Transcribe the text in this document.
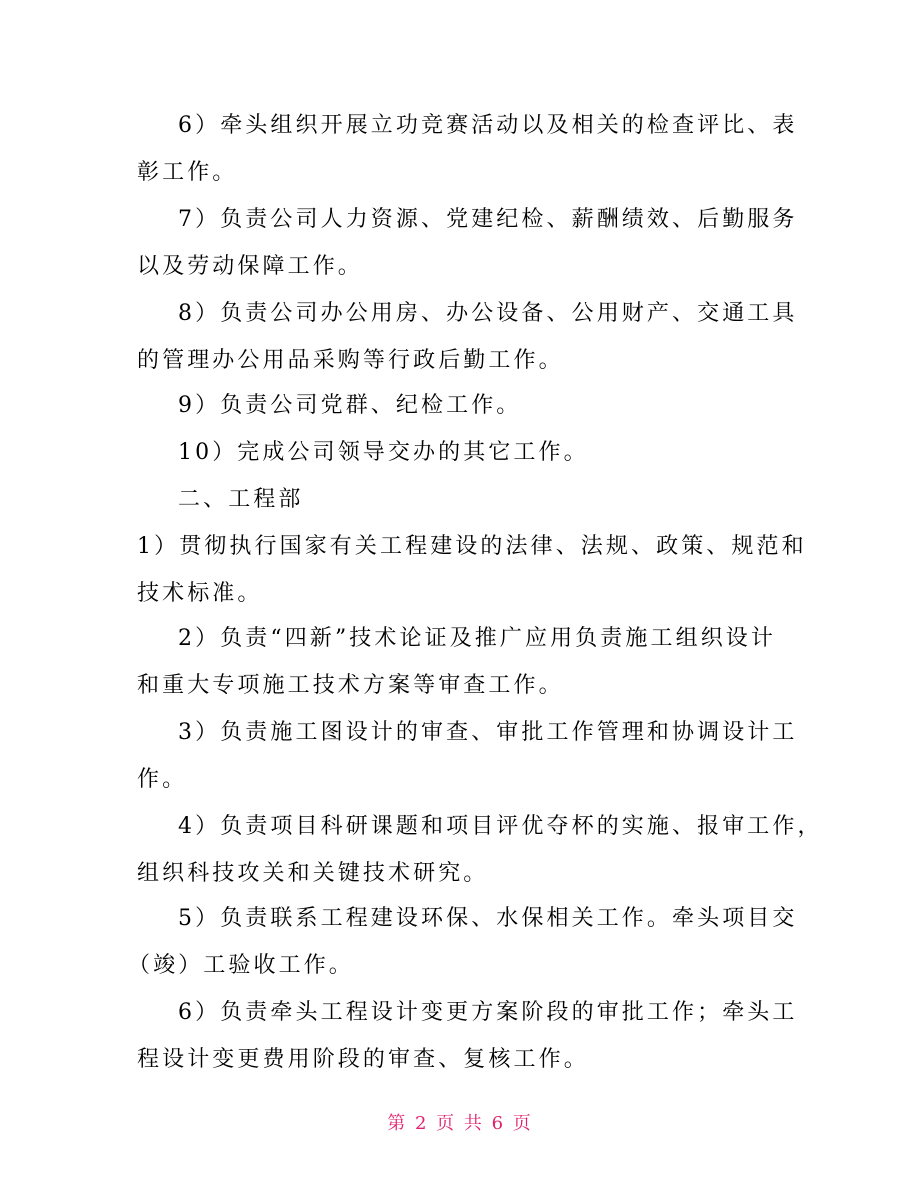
6）牵头组织开展立功竞赛活动以及相关的检查评比、表
彰工作。
7）负责公司人力资源、党建纪检、薪酬绩效、后勤服务
以及劳动保障工作。
8）负责公司办公用房、办公设备、公用财产、交通工具
的管理办公用品采购等行政后勤工作。
9）负责公司党群、纪检工作。
10）完成公司领导交办的其它工作。
二、工程部
1）贯彻执行国家有关工程建设的法律、法规、政策、规范和
技术标准。
2）负责“四新”技术论证及推广应用负责施工组织设计
和重大专项施工技术方案等审查工作。
3）负责施工图设计的审查、审批工作管理和协调设计工
作。
4）负责项目科研课题和项目评优夺杯的实施、报审工作，
组织科技攻关和关键技术研究。
5）负责联系工程建设环保、水保相关工作。牵头项目交
（竣）工验收工作。
6）负责牵头工程设计变更方案阶段的审批工作；牵头工
程设计变更费用阶段的审查、复核工作。
第 2 页 共 6 页
